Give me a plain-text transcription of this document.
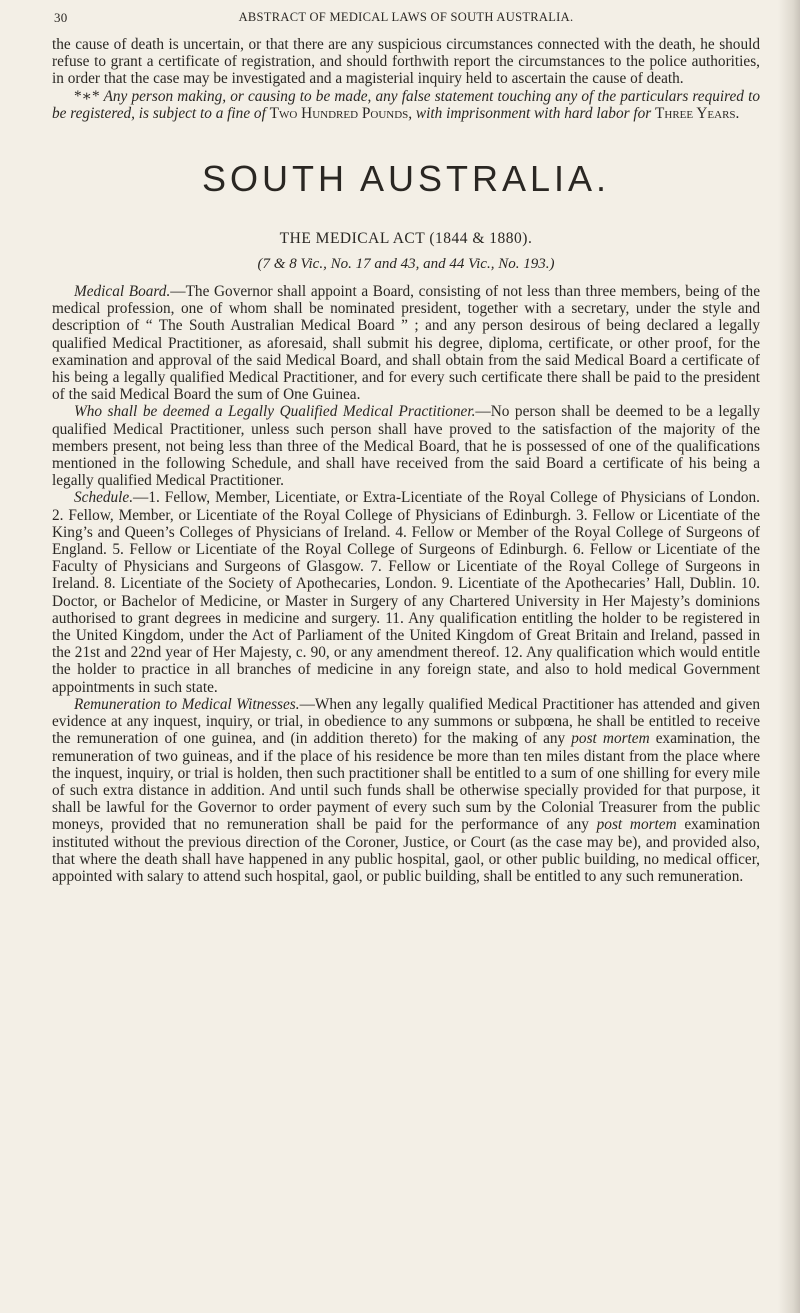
30	ABSTRACT OF MEDICAL LAWS OF SOUTH AUSTRALIA.

the cause of death is uncertain, or that there are any suspicious circumstances connected with the death, he should refuse to grant a certificate of registration, and should forthwith report the circumstances to the police authorities, in order that the case may be investigated and a magisterial inquiry held to ascertain the cause of death.

*∗* Any person making, or causing to be made, any false statement touching any of the particulars required to be registered, is subject to a fine of Two Hundred Pounds, with imprisonment with hard labor for Three Years.

SOUTH AUSTRALIA.
THE MEDICAL ACT (1844 & 1880).
(7 & 8 Vic., No. 17 and 43, and 44 Vic., No. 193.)

Medical Board.—The Governor shall appoint a Board, consisting of not less than three members, being of the medical profession, one of whom shall be nominated president, together with a secretary, under the style and description of “ The South Australian Medical Board ” ; and any person desirous of being declared a legally qualified Medical Practitioner, as aforesaid, shall submit his degree, diploma, certificate, or other proof, for the examination and approval of the said Medical Board, and shall obtain from the said Medical Board a certificate of his being a legally qualified Medical Practitioner, and for every such certificate there shall be paid to the president of the said Medical Board the sum of One Guinea.

Who shall be deemed a Legally Qualified Medical Practitioner.—No person shall be deemed to be a legally qualified Medical Practitioner, unless such person shall have proved to the satisfaction of the majority of the members present, not being less than three of the Medical Board, that he is possessed of one of the qualifications mentioned in the following Schedule, and shall have received from the said Board a certificate of his being a legally qualified Medical Practitioner.

Schedule.—1. Fellow, Member, Licentiate, or Extra-Licentiate of the Royal College of Physicians of London. 2. Fellow, Member, or Licentiate of the Royal College of Physicians of Edinburgh. 3. Fellow or Licentiate of the King’s and Queen’s Colleges of Physicians of Ireland. 4. Fellow or Member of the Royal College of Surgeons of England. 5. Fellow or Licentiate of the Royal College of Surgeons of Edinburgh. 6. Fellow or Licentiate of the Faculty of Physicians and Surgeons of Glasgow. 7. Fellow or Licentiate of the Royal College of Surgeons in Ireland. 8. Licentiate of the Society of Apothecaries, London. 9. Licentiate of the Apothecaries’ Hall, Dublin. 10. Doctor, or Bachelor of Medicine, or Master in Surgery of any Chartered University in Her Majesty’s dominions authorised to grant degrees in medicine and surgery. 11. Any qualification entitling the holder to be registered in the United Kingdom, under the Act of Parliament of the United Kingdom of Great Britain and Ireland, passed in the 21st and 22nd year of Her Majesty, c. 90, or any amendment thereof. 12. Any qualification which would entitle the holder to practice in all branches of medicine in any foreign state, and also to hold medical Government appointments in such state.

Remuneration to Medical Witnesses.—When any legally qualified Medical Practitioner has attended and given evidence at any inquest, inquiry, or trial, in obedience to any summons or subpœna, he shall be entitled to receive the remuneration of one guinea, and (in addition thereto) for the making of any post mortem examination, the remuneration of two guineas, and if the place of his residence be more than ten miles distant from the place where the inquest, inquiry, or trial is holden, then such practitioner shall be entitled to a sum of one shilling for every mile of such extra distance in addition. And until such funds shall be otherwise specially provided for that purpose, it shall be lawful for the Governor to order payment of every such sum by the Colonial Treasurer from the public moneys, provided that no remuneration shall be paid for the performance of any post mortem examination instituted without the previous direction of the Coroner, Justice, or Court (as the case may be), and provided also, that where the death shall have happened in any public hospital, gaol, or other public building, no medical officer, appointed with salary to attend such hospital, gaol, or public building, shall be entitled to any such remuneration.
